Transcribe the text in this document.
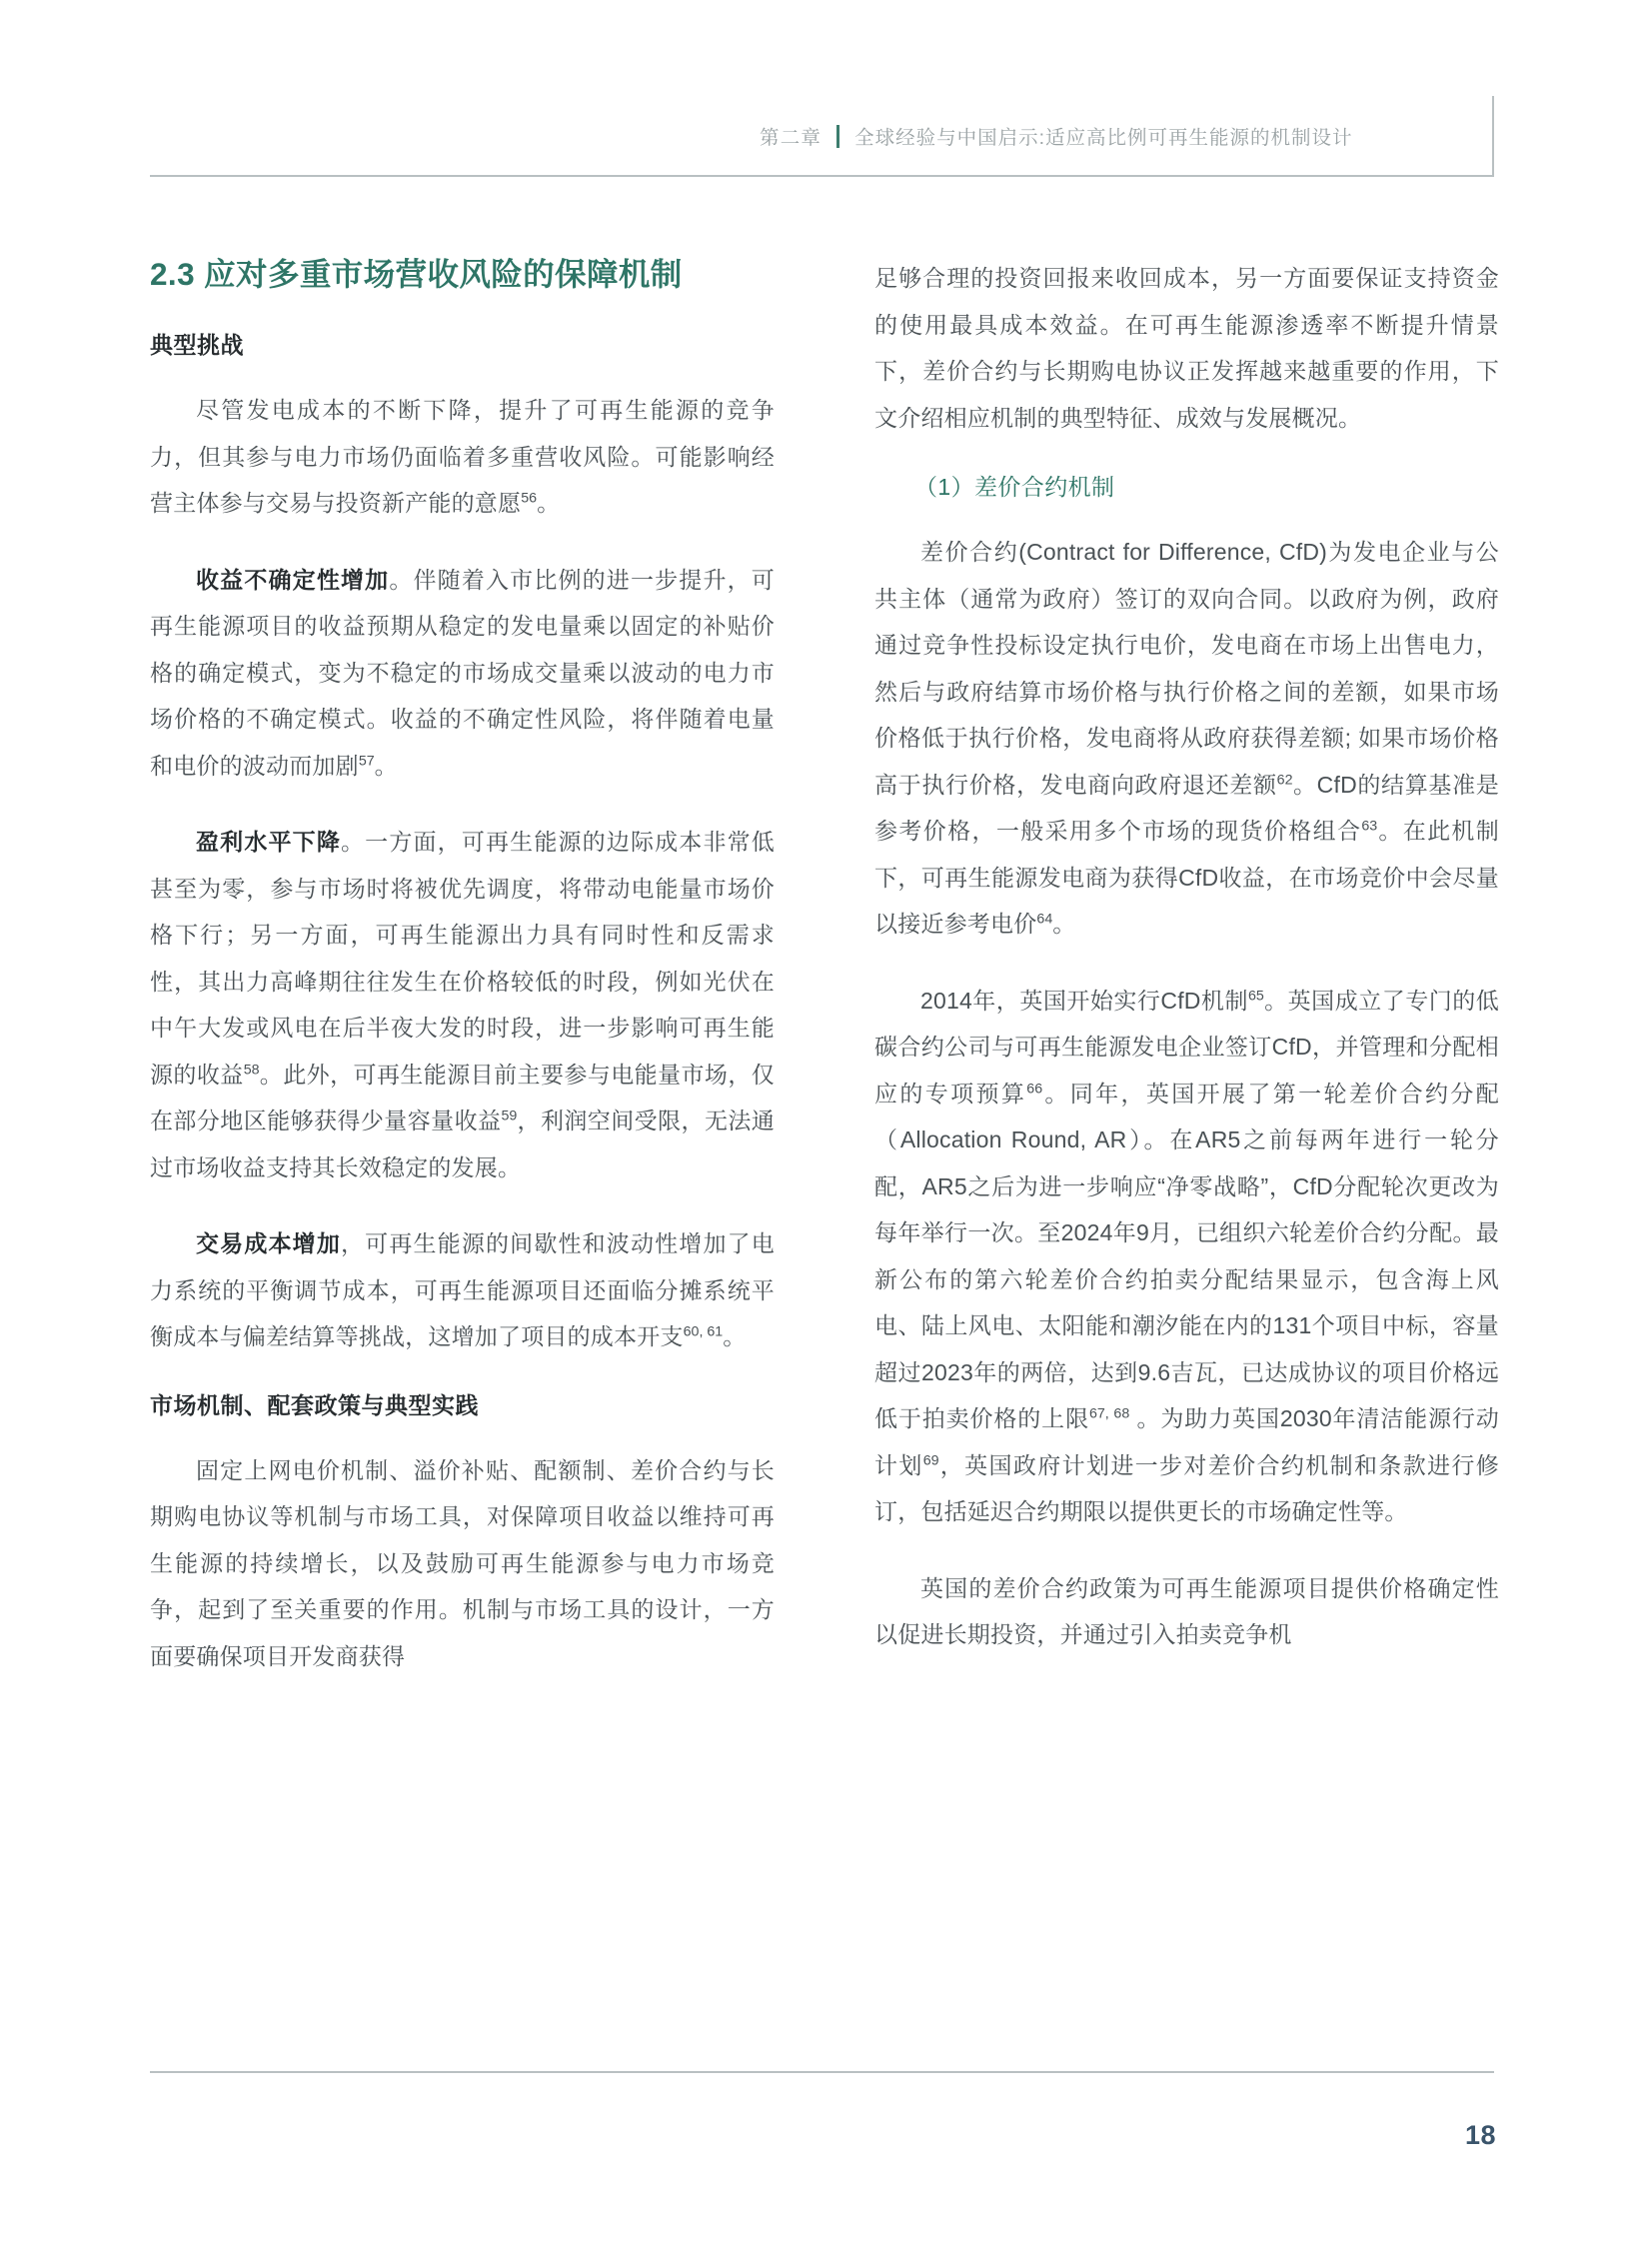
第二章 全球经验与中国启示:适应高比例可再生能源的机制设计
2.3 应对多重市场营收风险的保障机制
典型挑战

尽管发电成本的不断下降，提升了可再生能源的竞争力，但其参与电力市场仍面临着多重营收风险。可能影响经营主体参与交易与投资新产能的意愿$^{56}$。

收益不确定性增加。伴随着入市比例的进一步提升，可再生能源项目的收益预期从稳定的发电量乘以固定的补贴价格的确定模式，变为不稳定的市场成交量乘以波动的电力市场价格的不确定模式。收益的不确定性风险，将伴随着电量和电价的波动而加剧$^{57}$。

盈利水平下降。一方面，可再生能源的边际成本非常低甚至为零，参与市场时将被优先调度，将带动电能量市场价格下行；另一方面，可再生能源出力具有同时性和反需求性，其出力高峰期往往发生在价格较低的时段，例如光伏在中午大发或风电在后半夜大发的时段，进一步影响可再生能源的收益$^{58}$。此外，可再生能源目前主要参与电能量市场，仅在部分地区能够获得少量容量收益$^{59}$，利润空间受限，无法通过市场收益支持其长效稳定的发展。

交易成本增加，可再生能源的间歇性和波动性增加了电力系统的平衡调节成本，可再生能源项目还面临分摊系统平衡成本与偏差结算等挑战，这增加了项目的成本开支$^{60, 61}$。

市场机制、配套政策与典型实践

固定上网电价机制、溢价补贴、配额制、差价合约与长期购电协议等机制与市场工具，对保障项目收益以维持可再生能源的持续增长，以及鼓励可再生能源参与电力市场竞争，起到了至关重要的作用。机制与市场工具的设计，一方面要确保项目开发商获得

足够合理的投资回报来收回成本，另一方面要保证支持资金的使用最具成本效益。在可再生能源渗透率不断提升情景下，差价合约与长期购电协议正发挥越来越重要的作用，下文介绍相应机制的典型特征、成效与发展概况。

（1）差价合约机制

差价合约(Contract for Difference, CfD)为发电企业与公共主体（通常为政府）签订的双向合同。以政府为例，政府通过竞争性投标设定执行电价，发电商在市场上出售电力，然后与政府结算市场价格与执行价格之间的差额，如果市场价格低于执行价格，发电商将从政府获得差额; 如果市场价格高于执行价格，发电商向政府退还差额$^{62}$。CfD的结算基准是参考价格，一般采用多个市场的现货价格组合$^{63}$。在此机制下，可再生能源发电商为获得CfD收益，在市场竞价中会尽量以接近参考电价$^{64}$。

2014年，英国开始实行CfD机制$^{65}$。英国成立了专门的低碳合约公司与可再生能源发电企业签订CfD，并管理和分配相应的专项预算$^{66}$。同年，英国开展了第一轮差价合约分配（Allocation Round, AR）。在AR5之前每两年进行一轮分配，AR5之后为进一步响应“净零战略”，CfD分配轮次更改为每年举行一次。至2024年9月，已组织六轮差价合约分配。最新公布的第六轮差价合约拍卖分配结果显示，包含海上风电、陆上风电、太阳能和潮汐能在内的131个项目中标，容量超过2023年的两倍，达到9.6吉瓦，已达成协议的项目价格远低于拍卖价格的上限$^{67, 68}$ 。为助力英国2030年清洁能源行动计划$^{69}$，英国政府计划进一步对差价合约机制和条款进行修订，包括延迟合约期限以提供更长的市场确定性等。

英国的差价合约政策为可再生能源项目提供价格确定性以促进长期投资，并通过引入拍卖竞争机

18
